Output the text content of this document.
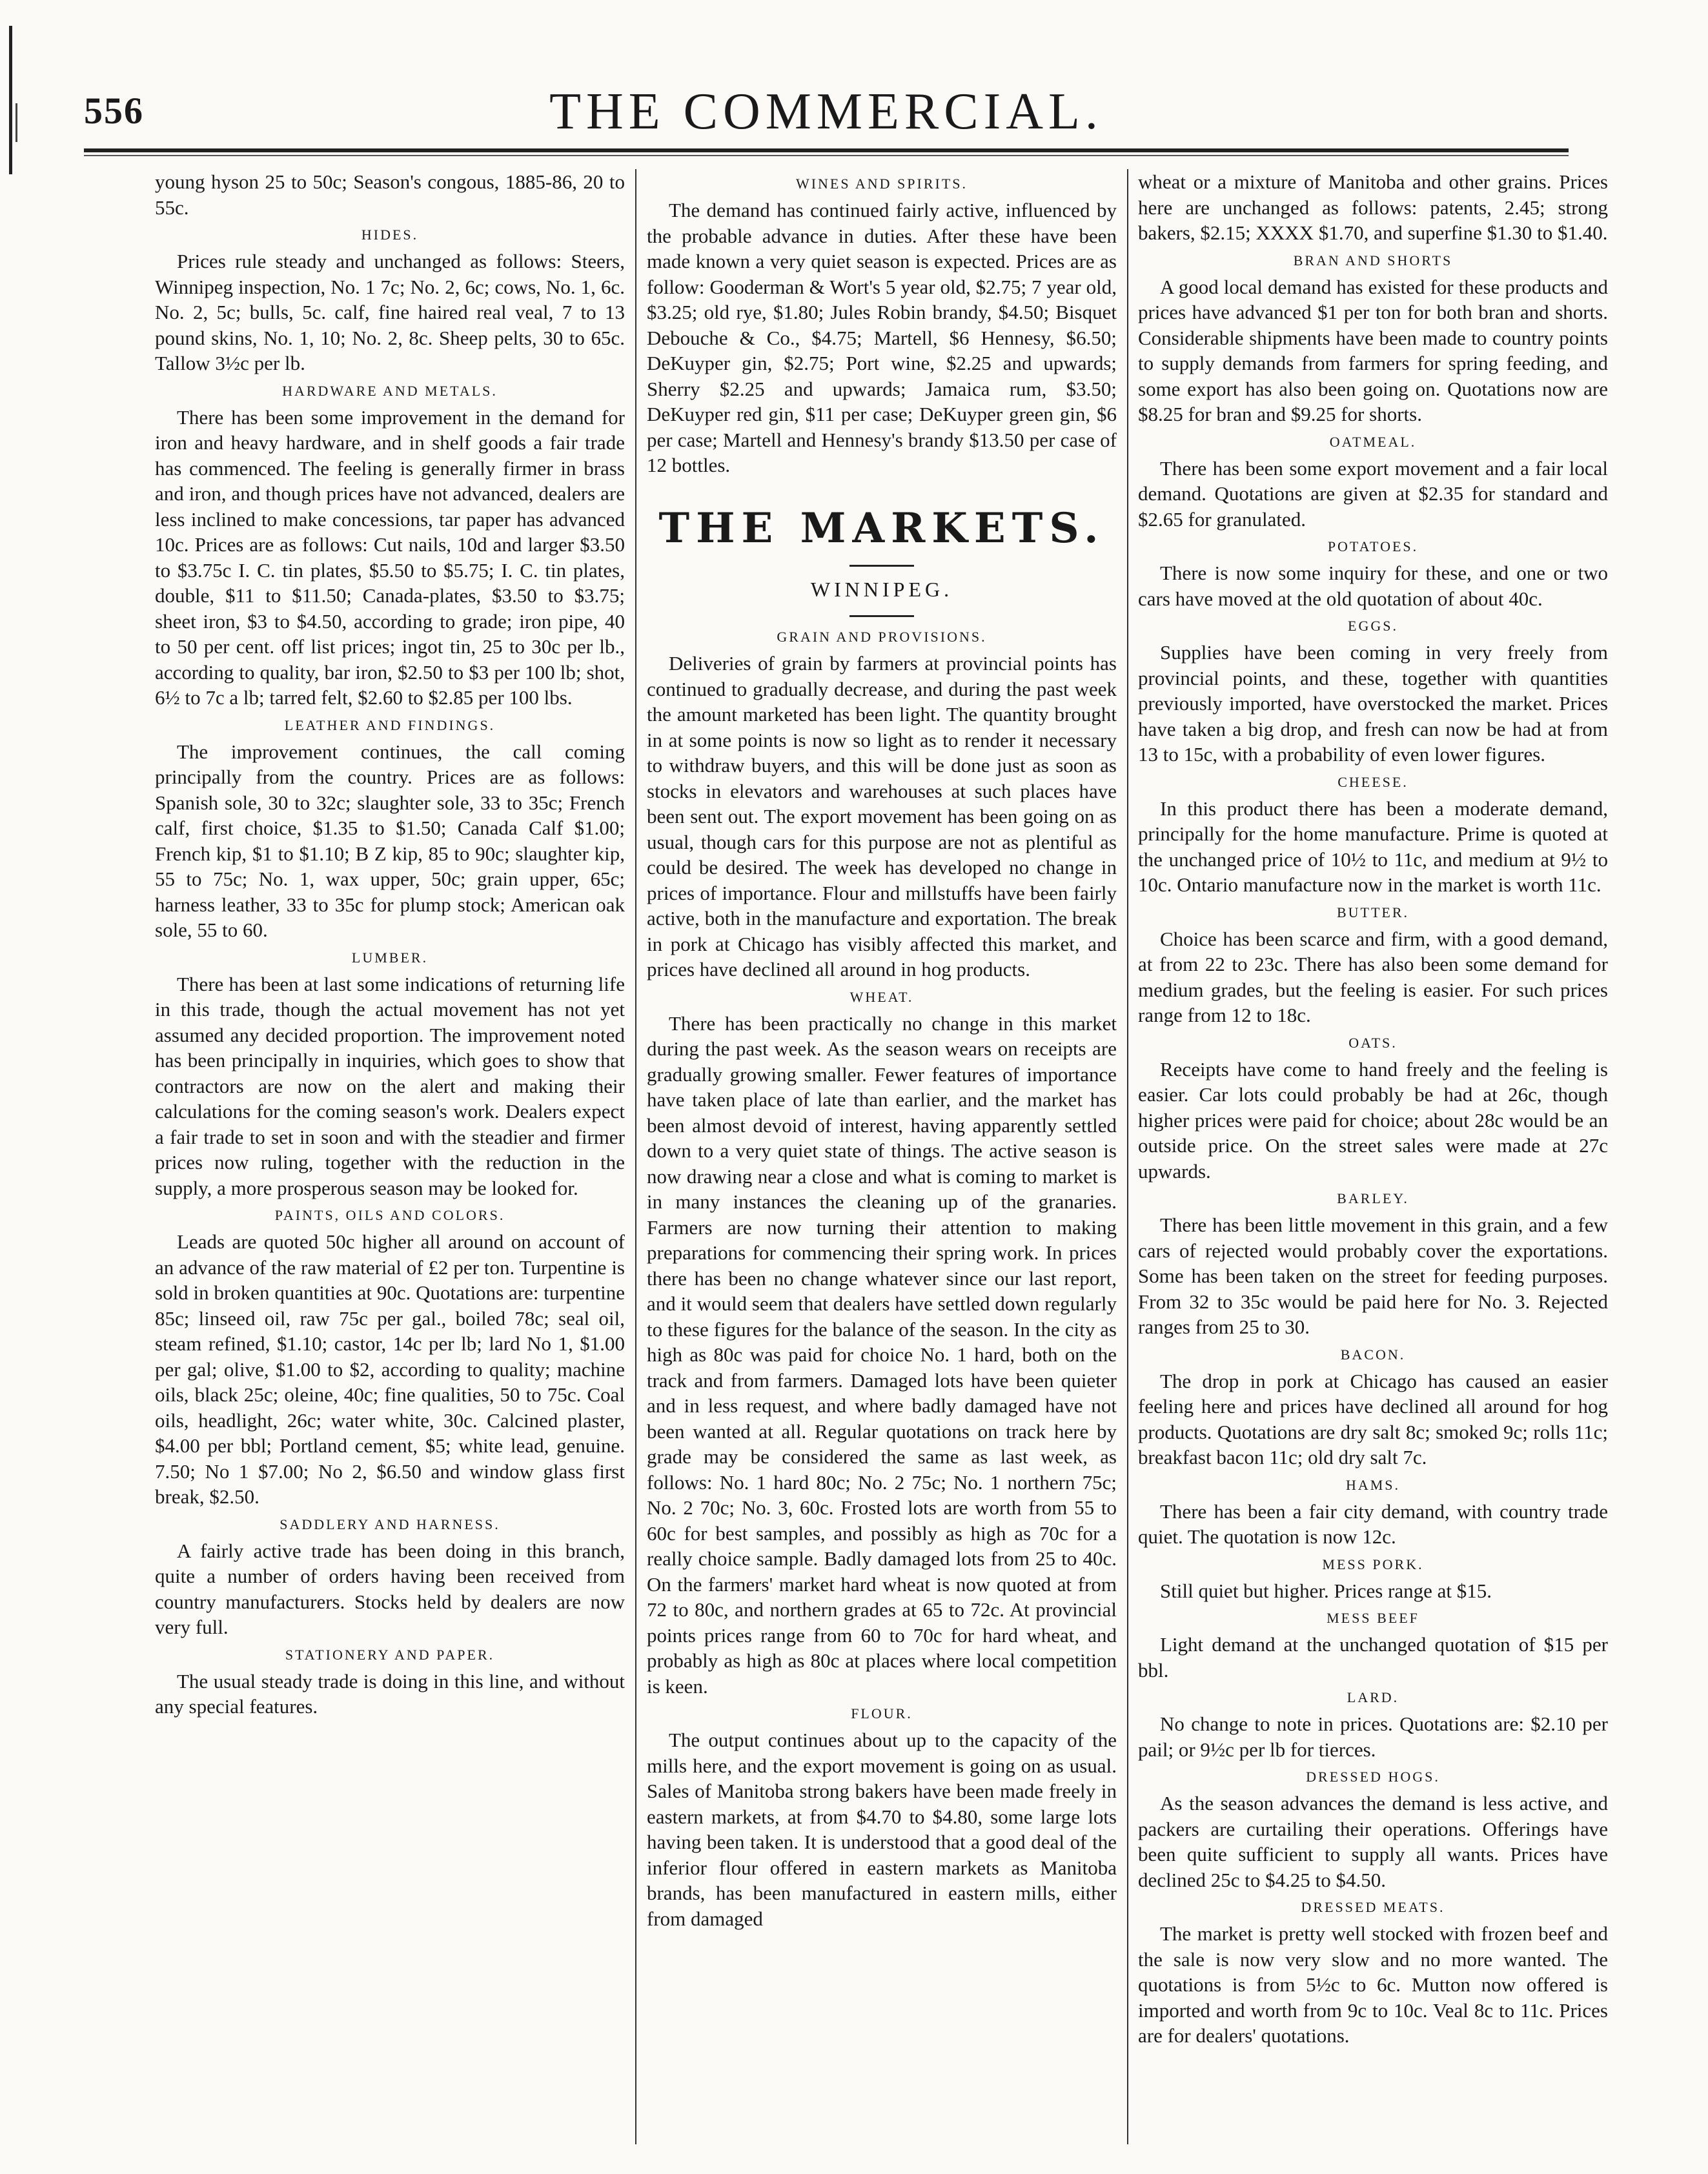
556	THE COMMERCIAL.

young hyson 25 to 50c; Season's congous, 1885-86, 20 to 55c.

HIDES.

Prices rule steady and unchanged as follows: Steers, Winnipeg inspection, No. 1 7c; No. 2, 6c; cows, No. 1, 6c. No. 2, 5c; bulls, 5c. calf, fine haired real veal, 7 to 13 pound skins, No. 1, 10; No. 2, 8c. Sheep pelts, 30 to 65c. Tallow 3½c per lb.

HARDWARE AND METALS.

There has been some improvement in the demand for iron and heavy hardware, and in shelf goods a fair trade has commenced. The feeling is generally firmer in brass and iron, and though prices have not advanced, dealers are less inclined to make concessions, tar paper has advanced 10c. Prices are as follows: Cut nails, 10d and larger $3.50 to $3.75c I. C. tin plates, $5.50 to $5.75; I. C. tin plates, double, $11 to $11.50; Canada-plates, $3.50 to $3.75; sheet iron, $3 to $4.50, according to grade; iron pipe, 40 to 50 per cent. off list prices; ingot tin, 25 to 30c per lb., according to quality, bar iron, $2.50 to $3 per 100 lb; shot, 6½ to 7c a lb; tarred felt, $2.60 to $2.85 per 100 lbs.

LEATHER AND FINDINGS.

The improvement continues, the call coming principally from the country. Prices are as follows: Spanish sole, 30 to 32c; slaughter sole, 33 to 35c; French calf, first choice, $1.35 to $1.50; Canada Calf $1.00; French kip, $1 to $1.10; B Z kip, 85 to 90c; slaughter kip, 55 to 75c; No. 1, wax upper, 50c; grain upper, 65c; harness leather, 33 to 35c for plump stock; American oak sole, 55 to 60.

LUMBER.

There has been at last some indications of returning life in this trade, though the actual movement has not yet assumed any decided proportion. The improvement noted has been principally in inquiries, which goes to show that contractors are now on the alert and making their calculations for the coming season's work. Dealers expect a fair trade to set in soon and with the steadier and firmer prices now ruling, together with the reduction in the supply, a more prosperous season may be looked for.

PAINTS, OILS AND COLORS.

Leads are quoted 50c higher all around on account of an advance of the raw material of £2 per ton. Turpentine is sold in broken quantities at 90c. Quotations are: turpentine 85c; linseed oil, raw 75c per gal., boiled 78c; seal oil, steam refined, $1.10; castor, 14c per lb; lard No 1, $1.00 per gal; olive, $1.00 to $2, according to quality; machine oils, black 25c; oleine, 40c; fine qualities, 50 to 75c. Coal oils, headlight, 26c; water white, 30c. Calcined plaster, $4.00 per bbl; Portland cement, $5; white lead, genuine. 7.50; No 1 $7.00; No 2, $6.50 and window glass first break, $2.50.

SADDLERY AND HARNESS.

A fairly active trade has been doing in this branch, quite a number of orders having been received from country manufacturers. Stocks held by dealers are now very full.

STATIONERY AND PAPER.

The usual steady trade is doing in this line, and without any special features.

WINES AND SPIRITS.

The demand has continued fairly active, influenced by the probable advance in duties. After these have been made known a very quiet season is expected. Prices are as follow: Gooderman & Wort's 5 year old, $2.75; 7 year old, $3.25; old rye, $1.80; Jules Robin brandy, $4.50; Bisquet Debouche & Co., $4.75; Martell, $6 Hennesy, $6.50; DeKuyper gin, $2.75; Port wine, $2.25 and upwards; Sherry $2.25 and upwards; Jamaica rum, $3.50; DeKuyper red gin, $11 per case; DeKuyper green gin, $6 per case; Martell and Hennesy's brandy $13.50 per case of 12 bottles.

THE MARKETS.
WINNIPEG.
GRAIN AND PROVISIONS.

Deliveries of grain by farmers at provincial points has continued to gradually decrease, and during the past week the amount marketed has been light. The quantity brought in at some points is now so light as to render it necessary to withdraw buyers, and this will be done just as soon as stocks in elevators and warehouses at such places have been sent out. The export movement has been going on as usual, though cars for this purpose are not as plentiful as could be desired. The week has developed no change in prices of importance. Flour and millstuffs have been fairly active, both in the manufacture and exportation. The break in pork at Chicago has visibly affected this market, and prices have declined all around in hog products.

WHEAT.

There has been practically no change in this market during the past week. As the season wears on receipts are gradually growing smaller. Fewer features of importance have taken place of late than earlier, and the market has been almost devoid of interest, having apparently settled down to a very quiet state of things. The active season is now drawing near a close and what is coming to market is in many instances the cleaning up of the granaries. Farmers are now turning their attention to making preparations for commencing their spring work. In prices there has been no change whatever since our last report, and it would seem that dealers have settled down regularly to these figures for the balance of the season. In the city as high as 80c was paid for choice No. 1 hard, both on the track and from farmers. Damaged lots have been quieter and in less request, and where badly damaged have not been wanted at all. Regular quotations on track here by grade may be considered the same as last week, as follows: No. 1 hard 80c; No. 2 75c; No. 1 northern 75c; No. 2 70c; No. 3, 60c. Frosted lots are worth from 55 to 60c for best samples, and possibly as high as 70c for a really choice sample. Badly damaged lots from 25 to 40c. On the farmers' market hard wheat is now quoted at from 72 to 80c, and northern grades at 65 to 72c. At provincial points prices range from 60 to 70c for hard wheat, and probably as high as 80c at places where local competition is keen.

FLOUR.

The output continues about up to the capacity of the mills here, and the export movement is going on as usual. Sales of Manitoba strong bakers have been made freely in eastern markets, at from $4.70 to $4.80, some large lots having been taken. It is understood that a good deal of the inferior flour offered in eastern markets as Manitoba brands, has been manufactured in eastern mills, either from damaged

wheat or a mixture of Manitoba and other grains. Prices here are unchanged as follows: patents, 2.45; strong bakers, $2.15; XXXX $1.70, and superfine $1.30 to $1.40.

BRAN AND SHORTS

A good local demand has existed for these products and prices have advanced $1 per ton for both bran and shorts. Considerable shipments have been made to country points to supply demands from farmers for spring feeding, and some export has also been going on. Quotations now are $8.25 for bran and $9.25 for shorts.

OATMEAL.

There has been some export movement and a fair local demand. Quotations are given at $2.35 for standard and $2.65 for granulated.

POTATOES.

There is now some inquiry for these, and one or two cars have moved at the old quotation of about 40c.

EGGS.

Supplies have been coming in very freely from provincial points, and these, together with quantities previously imported, have overstocked the market. Prices have taken a big drop, and fresh can now be had at from 13 to 15c, with a probability of even lower figures.

CHEESE.

In this product there has been a moderate demand, principally for the home manufacture. Prime is quoted at the unchanged price of 10½ to 11c, and medium at 9½ to 10c. Ontario manufacture now in the market is worth 11c.

BUTTER.

Choice has been scarce and firm, with a good demand, at from 22 to 23c. There has also been some demand for medium grades, but the feeling is easier. For such prices range from 12 to 18c.

OATS.

Receipts have come to hand freely and the feeling is easier. Car lots could probably be had at 26c, though higher prices were paid for choice; about 28c would be an outside price. On the street sales were made at 27c upwards.

BARLEY.

There has been little movement in this grain, and a few cars of rejected would probably cover the exportations. Some has been taken on the street for feeding purposes. From 32 to 35c would be paid here for No. 3. Rejected ranges from 25 to 30.

BACON.

The drop in pork at Chicago has caused an easier feeling here and prices have declined all around for hog products. Quotations are dry salt 8c; smoked 9c; rolls 11c; breakfast bacon 11c; old dry salt 7c.

HAMS.

There has been a fair city demand, with country trade quiet. The quotation is now 12c.

MESS PORK.

Still quiet but higher. Prices range at $15.

MESS BEEF

Light demand at the unchanged quotation of $15 per bbl.

LARD.

No change to note in prices. Quotations are: $2.10 per pail; or 9½c per lb for tierces.

DRESSED HOGS.

As the season advances the demand is less active, and packers are curtailing their operations. Offerings have been quite sufficient to supply all wants. Prices have declined 25c to $4.25 to $4.50.

DRESSED MEATS.

The market is pretty well stocked with frozen beef and the sale is now very slow and no more wanted. The quotations is from 5½c to 6c. Mutton now offered is imported and worth from 9c to 10c. Veal 8c to 11c. Prices are for dealers' quotations.
